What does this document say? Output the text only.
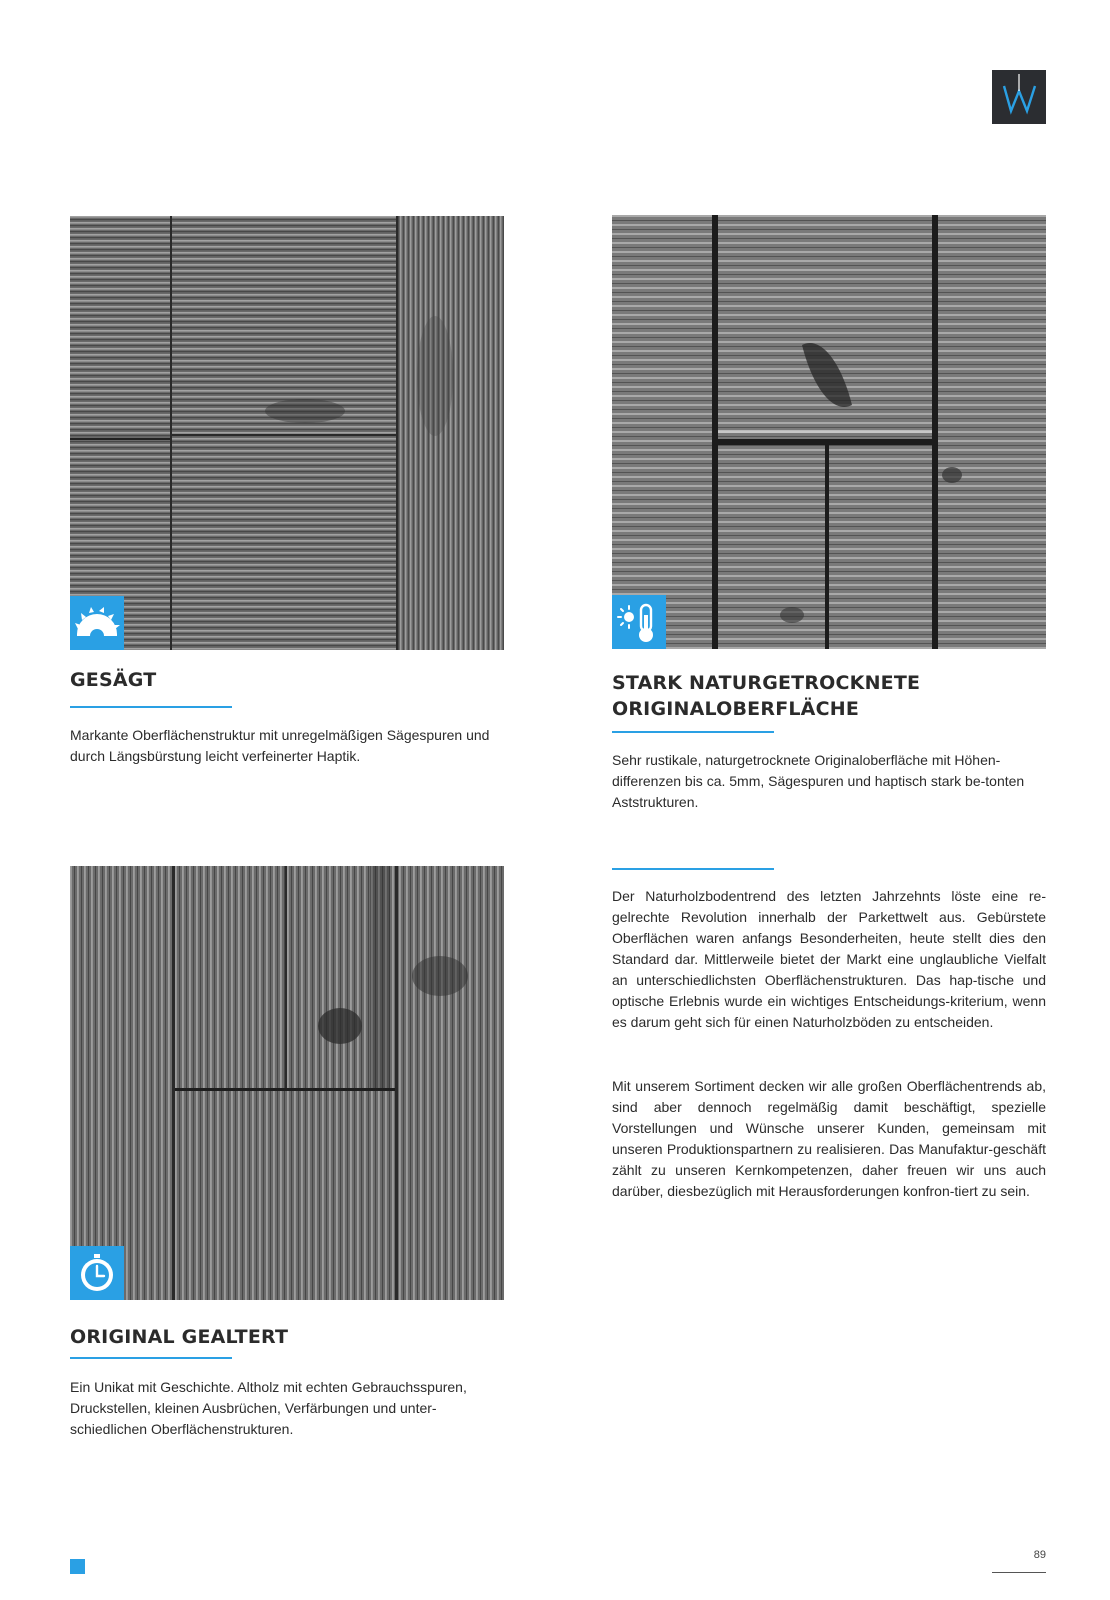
GESÄGT

Markante Oberflächenstruktur mit unregelmäßigen Sägespuren und durch Längsbürstung leicht verfeinerter Haptik.

STARK NATURGETROCKNETE
ORIGINALOBERFLÄCHE

Sehr rustikale, naturgetrocknete Originaloberfläche mit Höhen-differenzen bis ca. 5mm, Sägespuren und haptisch stark be-tonten Aststrukturen.

ORIGINAL GEALTERT

Ein Unikat mit Geschichte. Altholz mit echten Gebrauchsspuren, Druckstellen, kleinen Ausbrüchen, Verfärbungen und unter-schiedlichen Oberflächenstrukturen.

Der Naturholzbodentrend des letzten Jahrzehnts löste eine re-gelrechte Revolution innerhalb der Parkettwelt aus. Gebürstete Oberflächen waren anfangs Besonderheiten, heute stellt dies den Standard dar. Mittlerweile bietet der Markt eine unglaubliche Vielfalt an unterschiedlichsten Oberflächenstrukturen. Das hap-tische und optische Erlebnis wurde ein wichtiges Entscheidungs-kriterium, wenn es darum geht sich für einen Naturholzböden zu entscheiden.

Mit unserem Sortiment decken wir alle großen Oberflächentrends ab, sind aber dennoch regelmäßig damit beschäftigt, spezielle Vorstellungen und Wünsche unserer Kunden, gemeinsam mit unseren Produktionspartnern zu realisieren. Das Manufaktur-geschäft zählt zu unseren Kernkompetenzen, daher freuen wir uns auch darüber, diesbezüglich mit Herausforderungen konfron-tiert zu sein.

89
